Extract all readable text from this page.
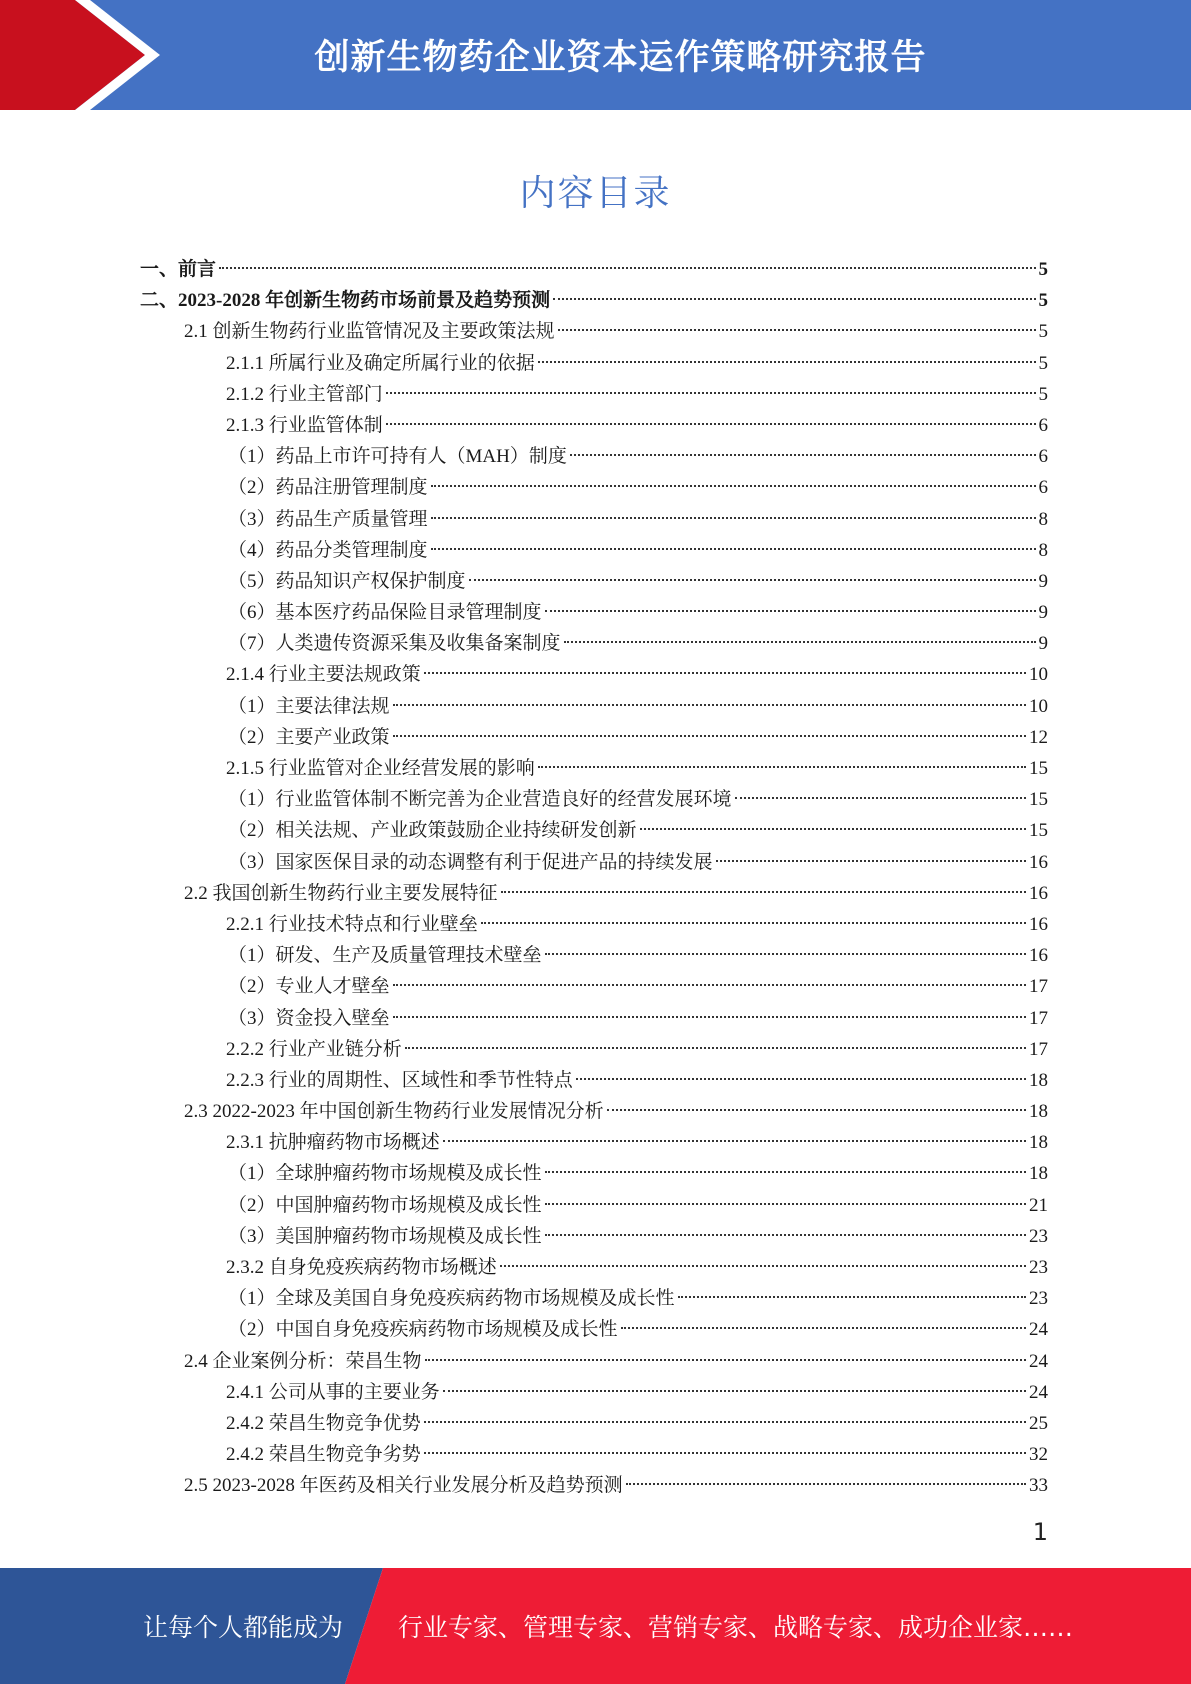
创新生物药企业资本运作策略研究报告
内容目录
一、前言	5
二、2023-2028 年创新生物药市场前景及趋势预测	5
2.1 创新生物药行业监管情况及主要政策法规	5
2.1.1 所属行业及确定所属行业的依据	5
2.1.2 行业主管部门	5
2.1.3 行业监管体制	6
（1）药品上市许可持有人（MAH）制度	6
（2）药品注册管理制度	6
（3）药品生产质量管理	8
（4）药品分类管理制度	8
（5）药品知识产权保护制度	9
（6）基本医疗药品保险目录管理制度	9
（7）人类遗传资源采集及收集备案制度	9
2.1.4 行业主要法规政策	10
（1）主要法律法规	10
（2）主要产业政策	12
2.1.5 行业监管对企业经营发展的影响	15
（1）行业监管体制不断完善为企业营造良好的经营发展环境	15
（2）相关法规、产业政策鼓励企业持续研发创新	15
（3）国家医保目录的动态调整有利于促进产品的持续发展	16
2.2 我国创新生物药行业主要发展特征	16
2.2.1 行业技术特点和行业壁垒	16
（1）研发、生产及质量管理技术壁垒	16
（2）专业人才壁垒	17
（3）资金投入壁垒	17
2.2.2 行业产业链分析	17
2.2.3 行业的周期性、区域性和季节性特点	18
2.3 2022-2023 年中国创新生物药行业发展情况分析	18
2.3.1 抗肿瘤药物市场概述	18
（1）全球肿瘤药物市场规模及成长性	18
（2）中国肿瘤药物市场规模及成长性	21
（3）美国肿瘤药物市场规模及成长性	23
2.3.2 自身免疫疾病药物市场概述	23
（1）全球及美国自身免疫疾病药物市场规模及成长性	23
（2）中国自身免疫疾病药物市场规模及成长性	24
2.4 企业案例分析：荣昌生物	24
2.4.1 公司从事的主要业务	24
2.4.2 荣昌生物竞争优势	25
2.4.2 荣昌生物竞争劣势	32
2.5 2023-2028 年医药及相关行业发展分析及趋势预测	33
1
让每个人都能成为 行业专家、管理专家、营销专家、战略专家、成功企业家……
